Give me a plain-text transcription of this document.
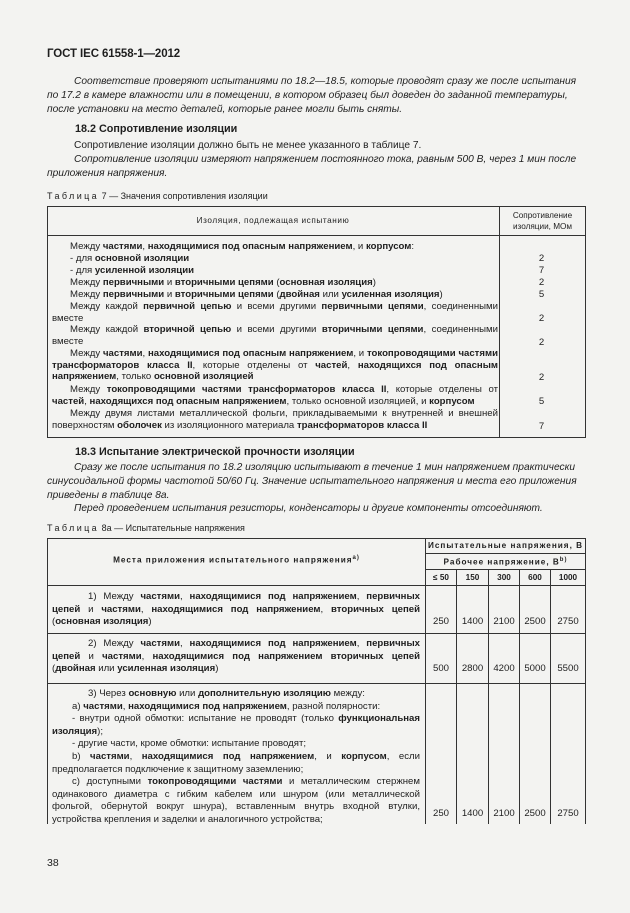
ГОСТ IEC 61558-1—2012
Соответствие проверяют испытаниями по 18.2—18.5, которые проводят сразу же после испытания по 17.2 в камере влажности или в помещении, в котором образец был доведен до заданной температуры, после установки на место деталей, которые ранее могли быть сняты.
18.2 Сопротивление изоляции
Сопротивление изоляции должно быть не менее указанного в таблице 7.
Сопротивление изоляции измеряют напряжением постоянного тока, равным 500 В, через 1 мин после приложения напряжения.
Таблица 7 — Значения сопротивления изоляции
Изоляция, подлежащая испытанию
Сопротивление изоляции, МОм
Между частями, находящимися под опасным напряжением, и корпусом:
- для основной изоляции	2
- для усиленной изоляции	7
Между первичными и вторичными цепями (основная изоляция)	2
Между первичными и вторичными цепями (двойная или усиленная изоляция)	5
Между каждой первичной цепью и всеми другими первичными цепями, соединенными вместе	2
Между каждой вторичной цепью и всеми другими вторичными цепями, соединенными вместе	2
Между частями, находящимися под опасным напряжением, и токопроводящими частями трансформаторов класса II, которые отделены от частей, находящихся под опасным напряжением, только основной изоляцией	2
Между токопроводящими частями трансформаторов класса II, которые отделены от частей, находящихся под опасным напряжением, только основной изоляцией, и корпусом	5
Между двумя листами металлической фольги, прикладываемыми к внутренней и внешней поверхностям оболочек из изоляционного материала трансформаторов класса II	7
18.3 Испытание электрической прочности изоляции
Сразу же после испытания по 18.2 изоляцию испытывают в течение 1 мин напряжением практически синусоидальной формы частотой 50/60 Гц. Значение испытательного напряжения и места его приложения приведены в таблице 8а.
Перед проведением испытания резисторы, конденсаторы и другие компоненты отсоединяют.
Таблица 8а — Испытательные напряжения
Места приложения испытательного напряжения$^{а)}$
Испытательные напряжения, В
Рабочее напряжение, $В^{b)}$
≤ 50	150	300	600	1000
1) Между частями, находящимися под напряжением, первичных цепей и частями, находящимися под напряжением, вторичных цепей (основная изоляция)	250	1400	2100	2500	2750
2) Между частями, находящимися под напряжением, первичных цепей и частями, находящимися под напряжением вторичных цепей (двойная или усиленная изоляция)	500	2800	4200	5000	5500
3) Через основную или дополнительную изоляцию между:
а) частями, находящимися под напряжением, разной полярности:
- внутри одной обмотки: испытание не проводят (только функциональная изоляция);
- другие части, кроме обмотки: испытание проводят;
b) частями, находящимися под напряжением, и корпусом, если предполагается подключение к защитному заземлению;
с) доступными токопроводящими частями и металлическим стержнем одинакового диаметра с гибким кабелем или шнуром (или металлической фольгой, обернутой вокруг шнура), вставленным внутрь входной втулки, устройства крепления и заделки и аналогичного устройства;
250	1400	2100	2500	2750
38
